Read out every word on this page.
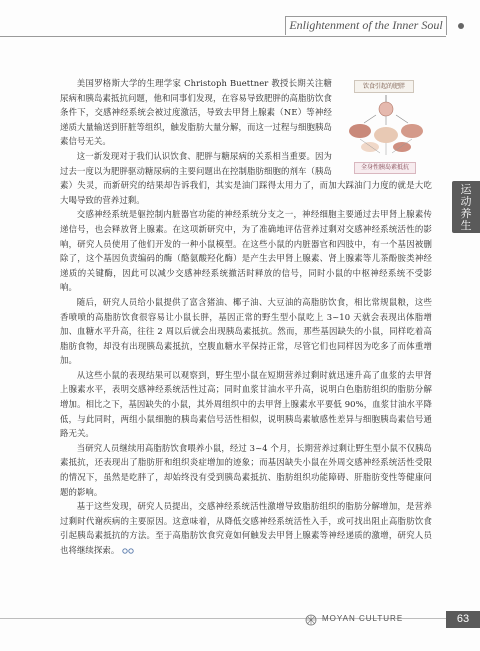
Enlightenment of the Inner Soul
运动养生
饮食引起的肥胖
全身性胰岛素抵抗

美国罗格斯大学的生理学家 Christoph Buettner 教授长期关注糖尿病和胰岛素抵抗问题，他和同事们发现，在容易导致肥胖的高脂肪饮食条件下，交感神经系统会被过度激活，导致去甲肾上腺素（NE）等神经递质大量输送到肝脏等组织，触发脂肪大量分解，而这一过程与细胞胰岛素信号无关。

这一新发现对于我们认识饮食、肥胖与糖尿病的关系相当重要。因为过去一度以为肥胖驱动糖尿病的主要问题出在控制脂肪细胞的剂车（胰岛素）失灵，而新研究的结果却告诉我们，其实是油门踩得太用力了，而加大踩油门力度的就是大吃大喝导致的营养过剩。

交感神经系统是躯控制内脏器官功能的神经系统分支之一，神经细胞主要通过去甲肾上腺素传递信号，也会释放肾上腺素。在这项新研究中，为了准确地评估营养过剩对交感神经系统活性的影响，研究人员使用了他们开发的一种小鼠模型。在这些小鼠的内脏器官和四肢中，有一个基因被删除了，这个基因负责编码的酶（酪氨酸羟化酶）是产生去甲肾上腺素、肾上腺素等儿茶酚胺类神经递质的关键酶，因此可以减少交感神经系统撤活时释放的信号，同时小鼠的中枢神经系统不受影响。

随后，研究人员给小鼠提供了富含猪油、椰子油、大豆油的高脂肪饮食，相比常规鼠粮，这些香喷喷的高脂肪饮食很容易让小鼠长胖，基因正常的野生型小鼠吃上 3~10 天就会表现出体脂增加、血糖水平升高，往往 2 周以后就会出现胰岛素抵抗。然而，那些基因缺失的小鼠，同样吃着高脂肪食物，却没有出现胰岛素抵抗，空腹血糖水平保持正常，尽管它们也同样因为吃多了而体重增加。

从这些小鼠的表现结果可以观察到，野生型小鼠在短期营养过剩时就迅速升高了血浆的去甲肾上腺素水平，表明交感神经系统活性过高；同时血浆甘油水平升高，说明白色脂肪组织的脂肪分解增加。相比之下，基因缺失的小鼠，其外周组织中的去甲肾上腺素水平要低 90%，血浆甘油水平降低，与此同时，两组小鼠细胞的胰岛素信号活性相似，说明胰岛素敏感性差异与细胞胰岛素信号通路无关。

当研究人员继续用高脂肪饮食喂养小鼠，经过 3~4 个月，长期营养过剩让野生型小鼠不仅胰岛素抵抗，还表现出了脂肪肝和组织炎症增加的迹象；而基因缺失小鼠在外周交感神经系统活性受限的情况下，虽然是吃胖了，却始终没有受到胰岛素抵抗、脂肪组织功能障碍、肝脂肪变性等健康问题的影响。

基于这些发现，研究人员提出，交感神经系统活性激增导致脂肪组织的脂肪分解增加，是营养过剩时代谢疾病的主要原因。这意味着，从降低交感神经系统活性入手，或可找出阻止高脂肪饮食引起胰岛素抵抗的方法。至于高脂肪饮食究竟如何触发去甲肾上腺素等神经递质的激增，研究人员也将继续探索。

MOYAN CULTURE	63
